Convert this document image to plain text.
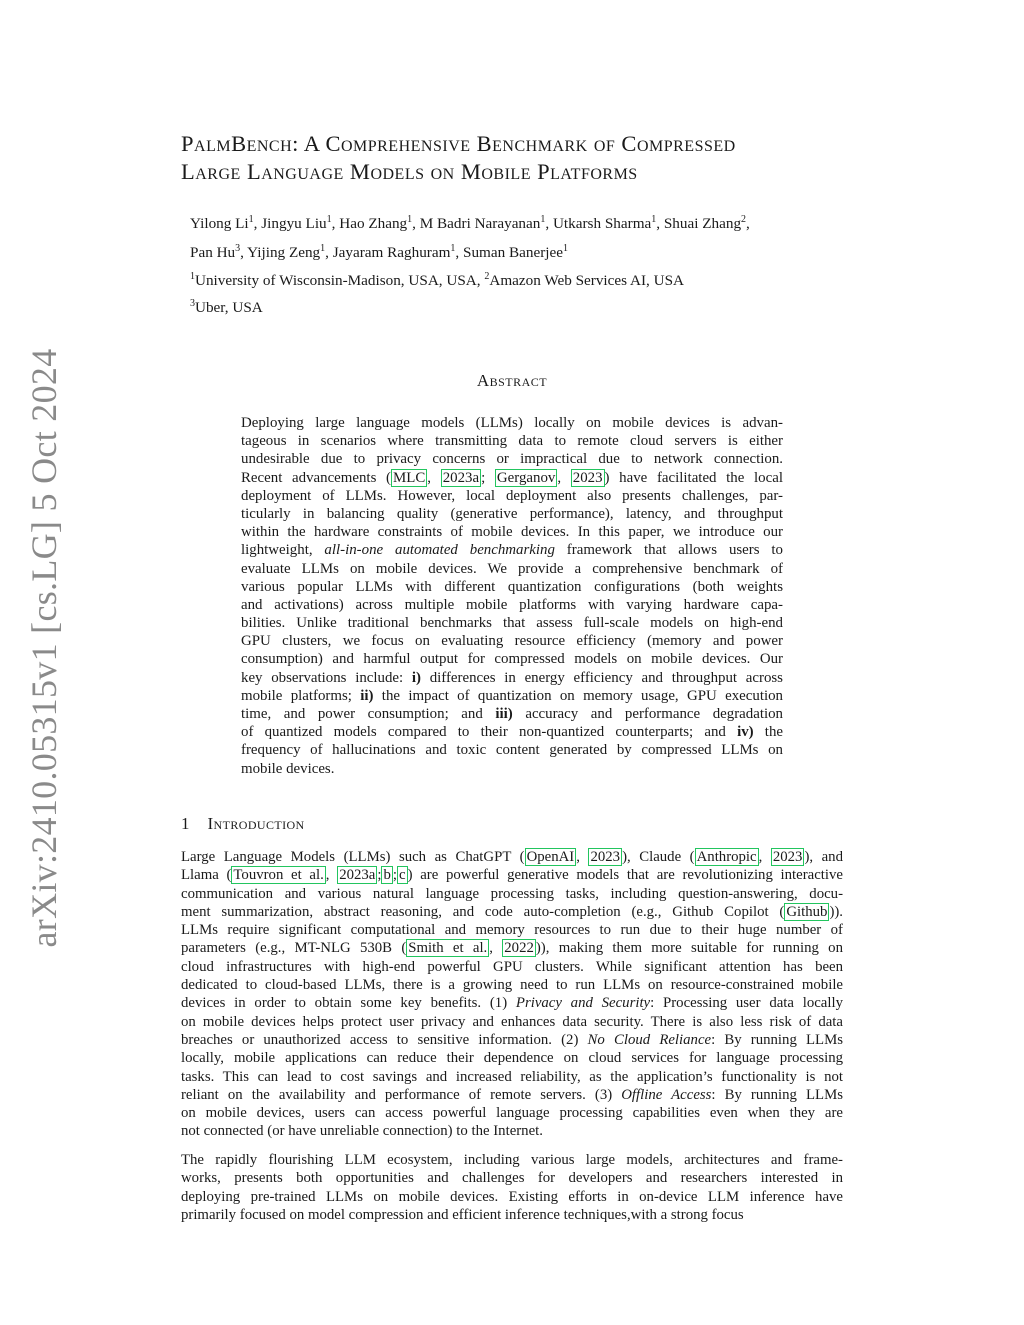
arXiv:2410.05315v1 [cs.LG] 5 Oct 2024
PalmBench: A Comprehensive Benchmark of Compressed
Large Language Models on Mobile Platforms
Yilong Li$^1$, Jingyu Liu$^1$, Hao Zhang$^1$, M Badri Narayanan$^1$, Utkarsh Sharma$^1$, Shuai Zhang$^2$,
Pan Hu$^3$, Yijing Zeng$^1$, Jayaram Raghuram$^1$, Suman Banerjee$^1$
$^1$University of Wisconsin-Madison, USA, USA, $^2$Amazon Web Services AI, USA
$^3$Uber, USA
Abstract
Deploying large language models (LLMs) locally on mobile devices is advan-
tageous in scenarios where transmitting data to remote cloud servers is either
undesirable due to privacy concerns or impractical due to network connection.
Recent advancements ( MLC , 2023a ; Gerganov , 2023 ) have facilitated the local
deployment of LLMs. However, local deployment also presents challenges, par-
ticularly in balancing quality (generative performance), latency, and throughput
within the hardware constraints of mobile devices. In this paper, we introduce our
lightweight, all-in-one automated benchmarking framework that allows users to
evaluate LLMs on mobile devices. We provide a comprehensive benchmark of
various popular LLMs with different quantization configurations (both weights
and activations) across multiple mobile platforms with varying hardware capa-
bilities. Unlike traditional benchmarks that assess full-scale models on high-end
GPU clusters, we focus on evaluating resource efficiency (memory and power
consumption) and harmful output for compressed models on mobile devices. Our
key observations include: i) differences in energy efficiency and throughput across
mobile platforms; ii) the impact of quantization on memory usage, GPU execution
time, and power consumption; and iii) accuracy and performance degradation
of quantized models compared to their non-quantized counterparts; and iv) the
frequency of hallucinations and toxic content generated by compressed LLMs on
mobile devices.
1 Introduction
Large Language Models (LLMs) such as ChatGPT ( OpenAI , 2023 ), Claude ( Anthropic , 2023 ), and
Llama ( Touvron et al. , 2023a ; b ; c ) are powerful generative models that are revolutionizing interactive
communication and various natural language processing tasks, including question-answering, docu-
ment summarization, abstract reasoning, and code auto-completion (e.g., Github Copilot ( Github )).
LLMs require significant computational and memory resources to run due to their huge number of
parameters (e.g., MT-NLG 530B ( Smith et al. , 2022 )), making them more suitable for running on
cloud infrastructures with high-end powerful GPU clusters. While significant attention has been
dedicated to cloud-based LLMs, there is a growing need to run LLMs on resource-constrained mobile
devices in order to obtain some key benefits. (1) Privacy and Security: Processing user data locally
on mobile devices helps protect user privacy and enhances data security. There is also less risk of data
breaches or unauthorized access to sensitive information. (2) No Cloud Reliance: By running LLMs
locally, mobile applications can reduce their dependence on cloud services for language processing
tasks. This can lead to cost savings and increased reliability, as the application’s functionality is not
reliant on the availability and performance of remote servers. (3) Offline Access: By running LLMs
on mobile devices, users can access powerful language processing capabilities even when they are
not connected (or have unreliable connection) to the Internet.
The rapidly flourishing LLM ecosystem, including various large models, architectures and frame-
works, presents both opportunities and challenges for developers and researchers interested in
deploying pre-trained LLMs on mobile devices. Existing efforts in on-device LLM inference have
primarily focused on model compression and efficient inference techniques,with a strong focus
